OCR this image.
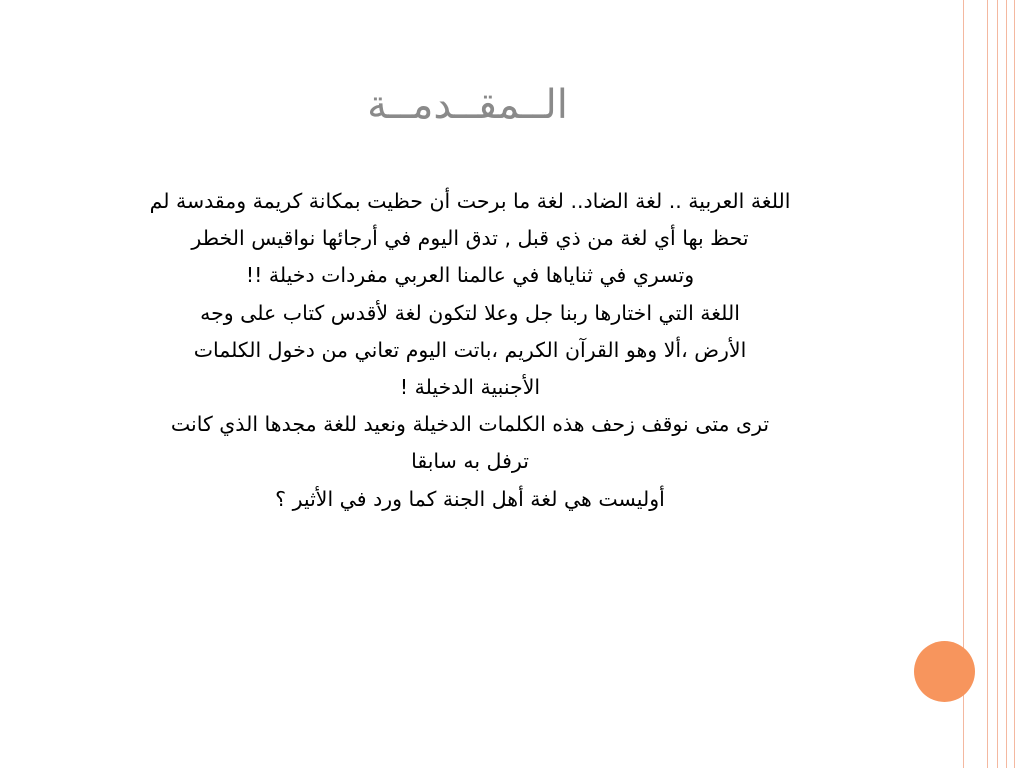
الــمقــدمــة

اللغة العربية .. لغة الضاد.. لغة ما برحت أن حظيت بمكانة كريمة ومقدسة لم
تحظ بها أي لغة من ذي قبل , تدق اليوم في أرجائها نواقيس الخطر
وتسري في ثناياها في عالمنا العربي مفردات دخيلة !!
اللغة التي اختارها ربنا جل وعلا لتكون لغة لأقدس كتاب على وجه
الأرض ،ألا وهو القرآن الكريم ،باتت اليوم تعاني من دخول الكلمات
الأجنبية الدخيلة !
ترى متى نوقف زحف هذه الكلمات الدخيلة ونعيد للغة مجدها الذي كانت
ترفل به سابقا
أوليست هي لغة أهل الجنة كما ورد في الأثير ؟
